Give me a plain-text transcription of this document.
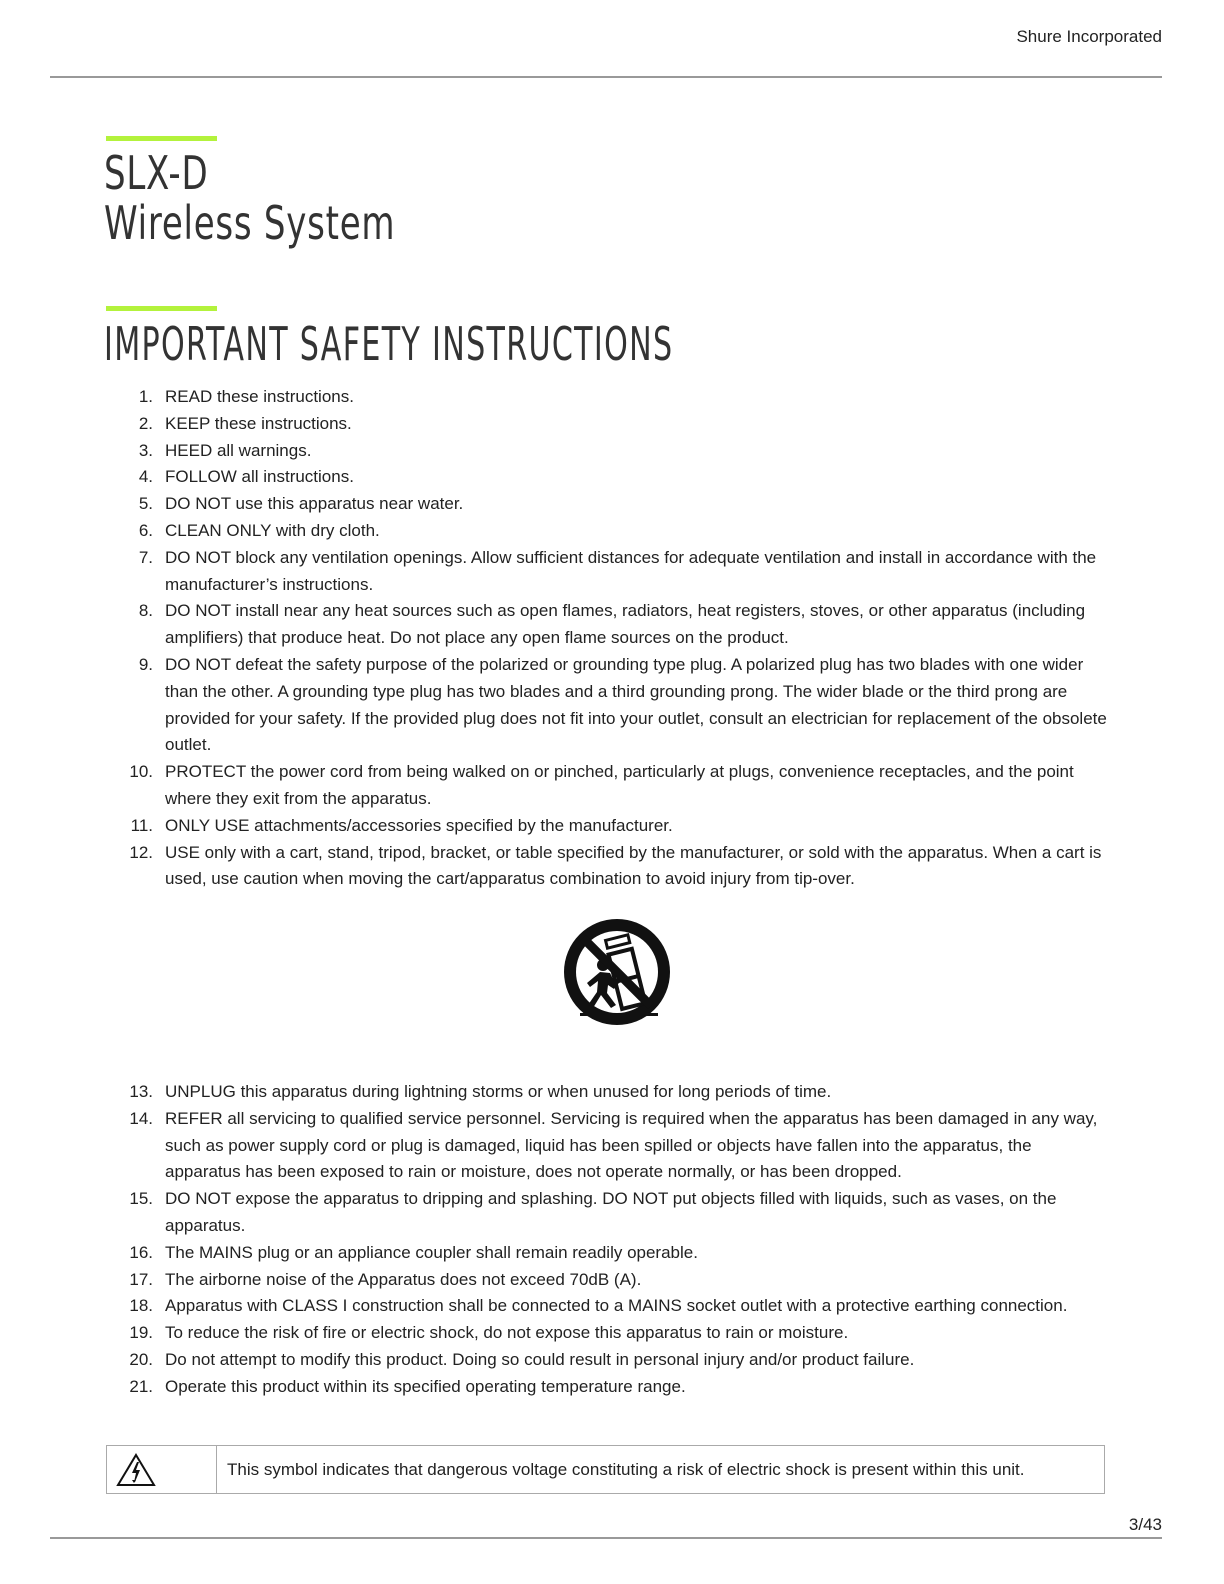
Shure Incorporated
SLX-D
Wireless System
IMPORTANT SAFETY INSTRUCTIONS
1. READ these instructions.
2. KEEP these instructions.
3. HEED all warnings.
4. FOLLOW all instructions.
5. DO NOT use this apparatus near water.
6. CLEAN ONLY with dry cloth.
7. DO NOT block any ventilation openings. Allow sufficient distances for adequate ventilation and install in accordance with the manufacturer’s instructions.
8. DO NOT install near any heat sources such as open flames, radiators, heat registers, stoves, or other apparatus (including amplifiers) that produce heat. Do not place any open flame sources on the product.
9. DO NOT defeat the safety purpose of the polarized or grounding type plug. A polarized plug has two blades with one wider than the other. A grounding type plug has two blades and a third grounding prong. The wider blade or the third prong are provided for your safety. If the provided plug does not fit into your outlet, consult an electrician for replacement of the obsolete outlet.
10. PROTECT the power cord from being walked on or pinched, particularly at plugs, convenience receptacles, and the point where they exit from the apparatus.
11. ONLY USE attachments/accessories specified by the manufacturer.
12. USE only with a cart, stand, tripod, bracket, or table specified by the manufacturer, or sold with the apparatus. When a cart is used, use caution when moving the cart/apparatus combination to avoid injury from tip-over.
13. UNPLUG this apparatus during lightning storms or when unused for long periods of time.
14. REFER all servicing to qualified service personnel. Servicing is required when the apparatus has been damaged in any way, such as power supply cord or plug is damaged, liquid has been spilled or objects have fallen into the apparatus, the apparatus has been exposed to rain or moisture, does not operate normally, or has been dropped.
15. DO NOT expose the apparatus to dripping and splashing. DO NOT put objects filled with liquids, such as vases, on the apparatus.
16. The MAINS plug or an appliance coupler shall remain readily operable.
17. The airborne noise of the Apparatus does not exceed 70dB (A).
18. Apparatus with CLASS I construction shall be connected to a MAINS socket outlet with a protective earthing connection.
19. To reduce the risk of fire or electric shock, do not expose this apparatus to rain or moisture.
20. Do not attempt to modify this product. Doing so could result in personal injury and/or product failure.
21. Operate this product within its specified operating temperature range.
This symbol indicates that dangerous voltage constituting a risk of electric shock is present within this unit.
3/43
